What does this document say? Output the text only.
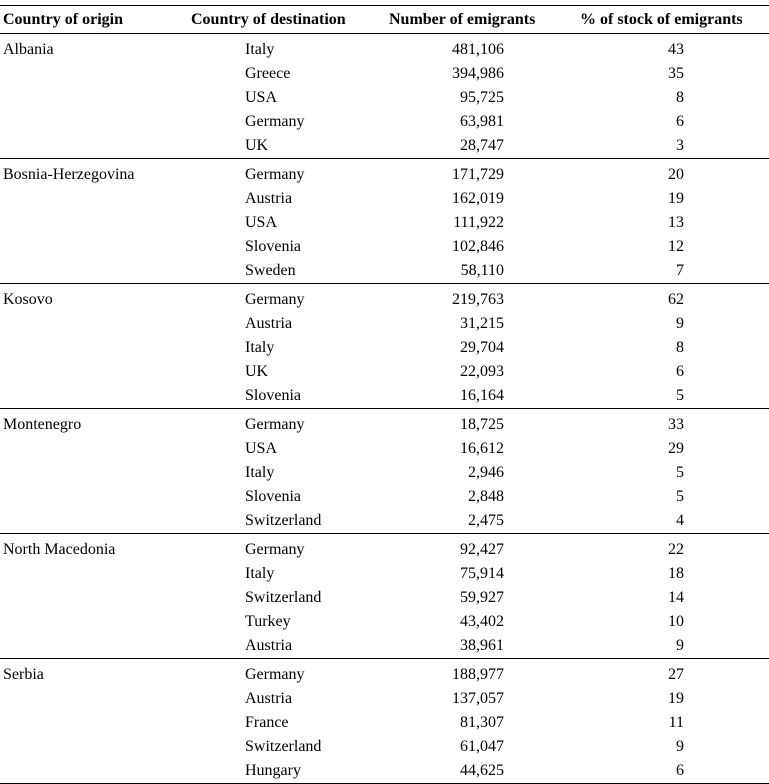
Country of origin	Country of destination	Number of emigrants	% of stock of emigrants
Albania	Italy	481,106	43
	Greece	394,986	35
	USA	95,725	8
	Germany	63,981	6
	UK	28,747	3
Bosnia-Herzegovina	Germany	171,729	20
	Austria	162,019	19
	USA	111,922	13
	Slovenia	102,846	12
	Sweden	58,110	7
Kosovo	Germany	219,763	62
	Austria	31,215	9
	Italy	29,704	8
	UK	22,093	6
	Slovenia	16,164	5
Montenegro	Germany	18,725	33
	USA	16,612	29
	Italy	2,946	5
	Slovenia	2,848	5
	Switzerland	2,475	4
North Macedonia	Germany	92,427	22
	Italy	75,914	18
	Switzerland	59,927	14
	Turkey	43,402	10
	Austria	38,961	9
Serbia	Germany	188,977	27
	Austria	137,057	19
	France	81,307	11
	Switzerland	61,047	9
	Hungary	44,625	6
